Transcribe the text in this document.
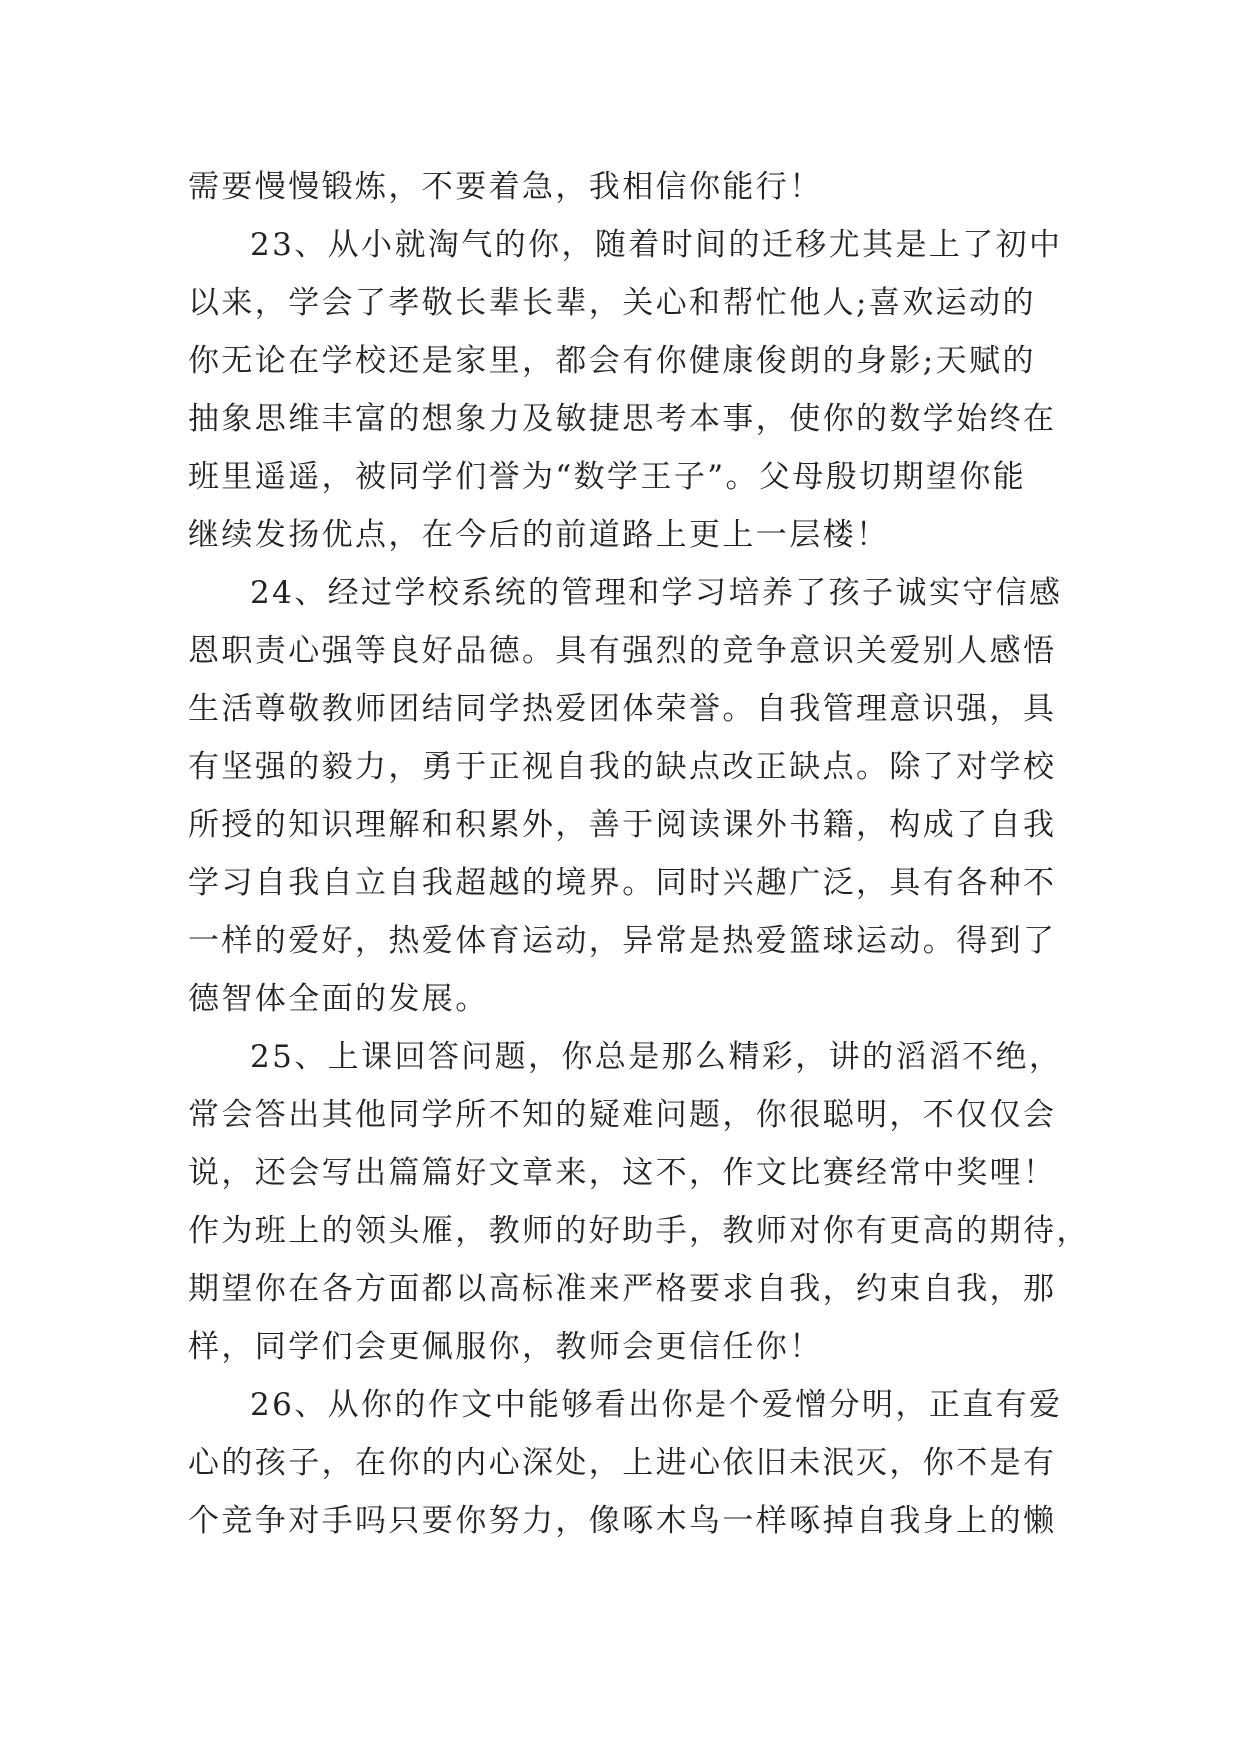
需要慢慢锻炼，不要着急，我相信你能行！
23、从小就淘气的你，随着时间的迁移尤其是上了初中
以来，学会了孝敬长辈长辈，关心和帮忙他人;喜欢运动的
你无论在学校还是家里，都会有你健康俊朗的身影;天赋的
抽象思维丰富的想象力及敏捷思考本事，使你的数学始终在
班里遥遥，被同学们誉为“数学王子”。父母殷切期望你能
继续发扬优点，在今后的前道路上更上一层楼！
24、经过学校系统的管理和学习培养了孩子诚实守信感
恩职责心强等良好品德。具有强烈的竞争意识关爱别人感悟
生活尊敬教师团结同学热爱团体荣誉。自我管理意识强，具
有坚强的毅力，勇于正视自我的缺点改正缺点。除了对学校
所授的知识理解和积累外，善于阅读课外书籍，构成了自我
学习自我自立自我超越的境界。同时兴趣广泛，具有各种不
一样的爱好，热爱体育运动，异常是热爱篮球运动。得到了
德智体全面的发展。
25、上课回答问题，你总是那么精彩，讲的滔滔不绝，
常会答出其他同学所不知的疑难问题，你很聪明，不仅仅会
说，还会写出篇篇好文章来，这不，作文比赛经常中奖哩！
作为班上的领头雁，教师的好助手，教师对你有更高的期待，
期望你在各方面都以高标准来严格要求自我，约束自我，那
样，同学们会更佩服你，教师会更信任你！
26、从你的作文中能够看出你是个爱憎分明，正直有爱
心的孩子，在你的内心深处，上进心依旧未泯灭，你不是有
个竞争对手吗只要你努力，像啄木鸟一样啄掉自我身上的懒
